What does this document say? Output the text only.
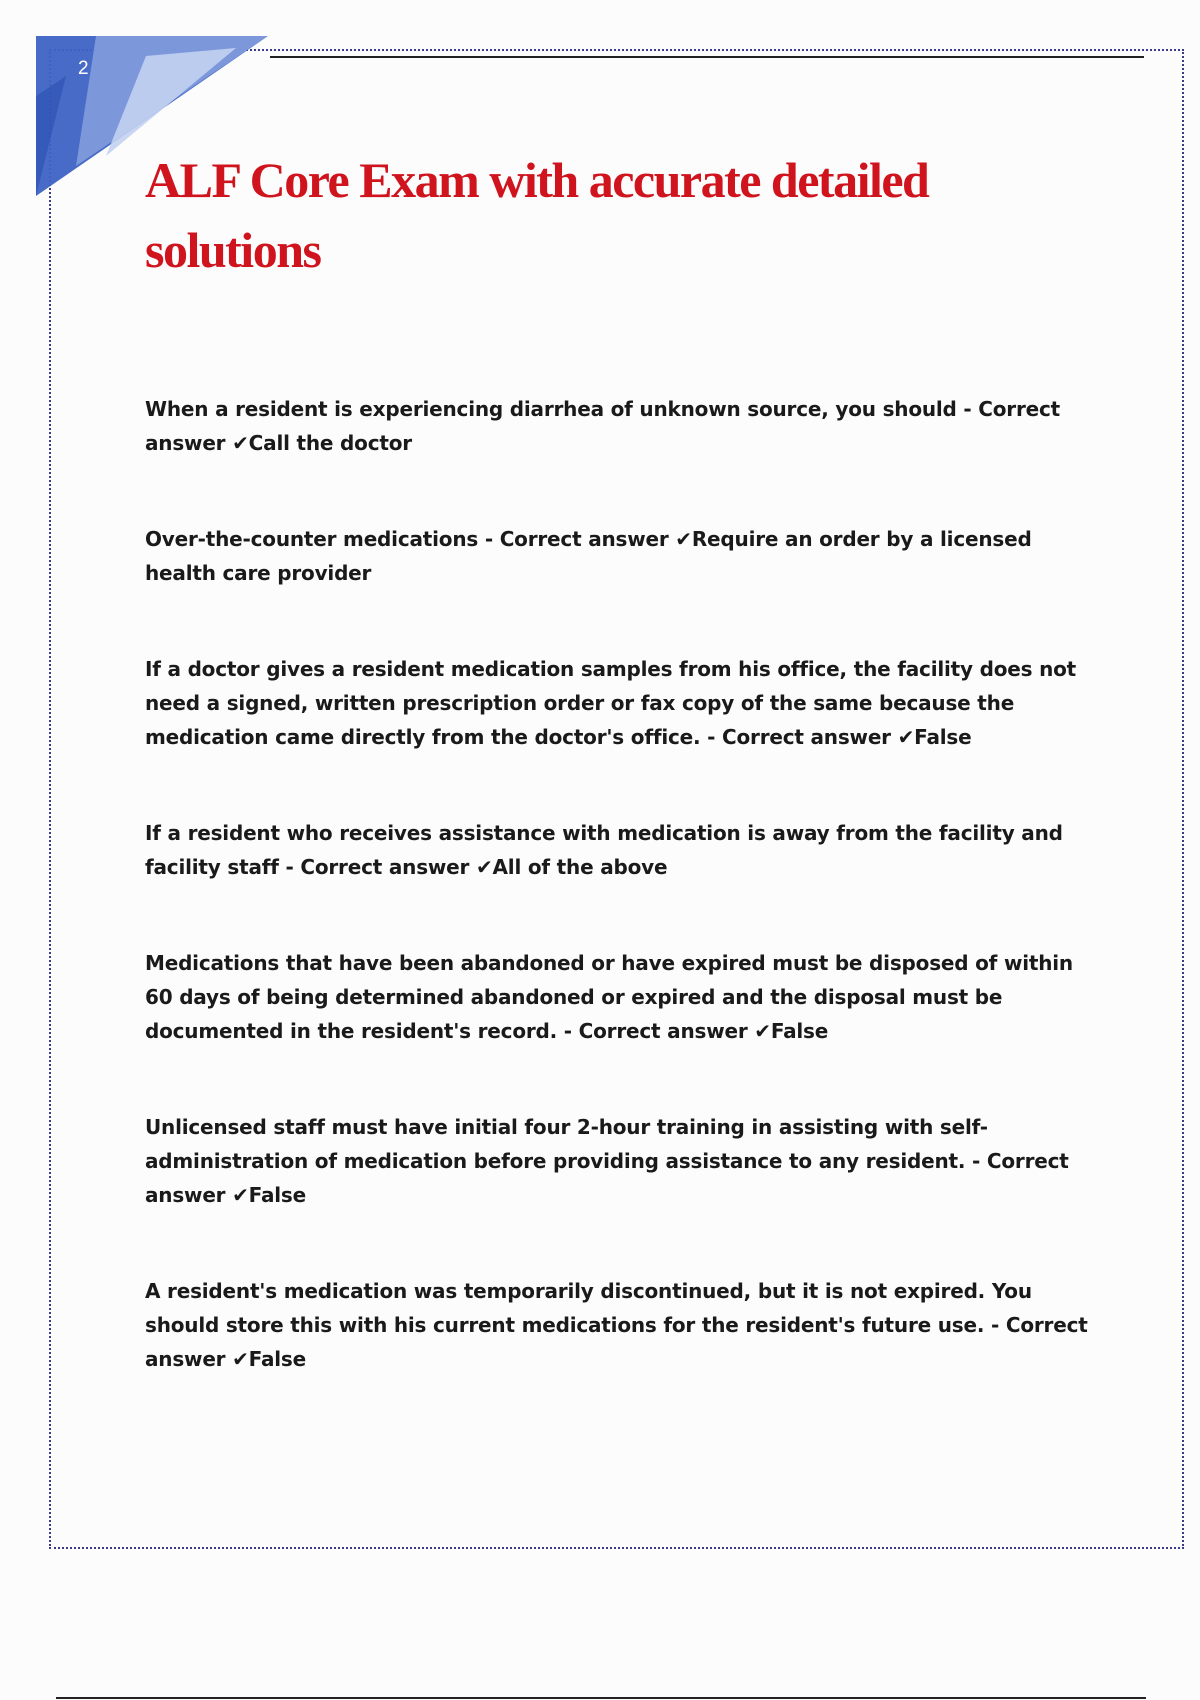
2
ALF Core Exam with accurate detailed solutions

When a resident is experiencing diarrhea of unknown source, you should - Correct answer ✔Call the doctor

Over-the-counter medications - Correct answer ✔Require an order by a licensed health care provider

If a doctor gives a resident medication samples from his office, the facility does not need a signed, written prescription order or fax copy of the same because the medication came directly from the doctor's office. - Correct answer ✔False

If a resident who receives assistance with medication is away from the facility and facility staff - Correct answer ✔All of the above

Medications that have been abandoned or have expired must be disposed of within 60 days of being determined abandoned or expired and the disposal must be documented in the resident's record. - Correct answer ✔False

Unlicensed staff must have initial four 2-hour training in assisting with self-administration of medication before providing assistance to any resident. - Correct answer ✔False

A resident's medication was temporarily discontinued, but it is not expired. You should store this with his current medications for the resident's future use. - Correct answer ✔False
